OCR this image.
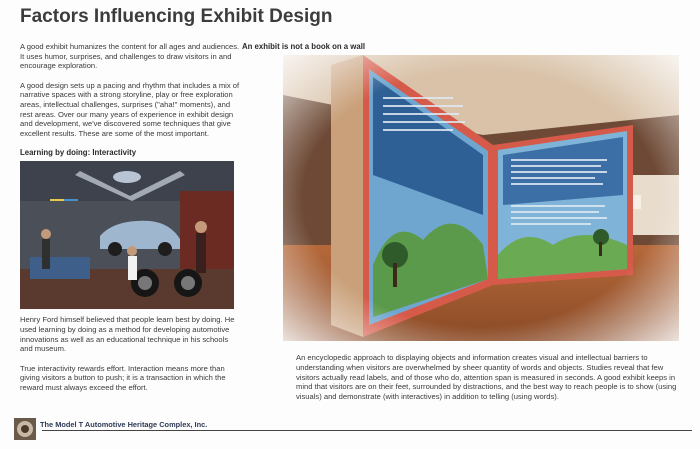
Factors Influencing Exhibit Design

A good exhibit humanizes the content for all ages and audiences. It uses humor, surprises, and challenges to draw visitors in and encourage exploration.

A good design sets up a pacing and rhythm that includes a mix of narrative spaces with a strong storyline, play or free exploration areas, intellectual challenges, surprises ("aha!" moments), and rest areas. Over our many years of experience in exhibit design and development, we've discovered some techniques that give excellent results. These are some of the most important.

Learning by doing: Interactivity

Henry Ford himself believed that people learn best by doing. He used learning by doing as a method for developing automotive innovations as well as an educational technique in his schools and museum.

True interactivity rewards effort. Interaction means more than giving visitors a button to push; it is a transaction in which the reward must always exceed the effort.

An exhibit is not a book on a wall

An encyclopedic approach to displaying objects and information creates visual and intellectual barriers to understanding when visitors are overwhelmed by sheer quantity of words and objects. Studies reveal that few visitors actually read labels, and of those who do, attention span is measured in seconds. A good exhibit keeps in mind that visitors are on their feet, surrounded by distractions, and the best way to reach people is to show (using visuals) and demonstrate (with interactives) in addition to telling (using words).

The Model T Automotive Heritage Complex, Inc.
